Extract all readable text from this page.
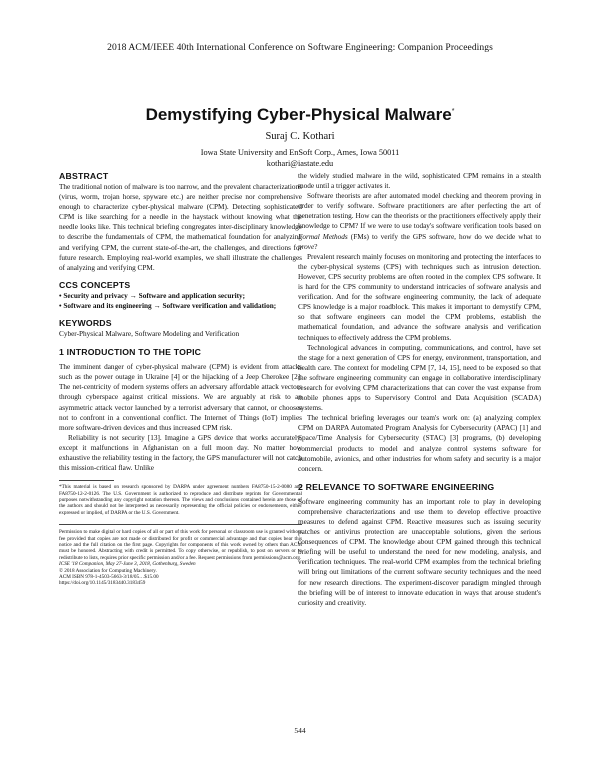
2018 ACM/IEEE 40th International Conference on Software Engineering: Companion Proceedings
Demystifying Cyber-Physical Malware*
Suraj C. Kothari
Iowa State University and EnSoft Corp., Ames, Iowa 50011
kothari@iastate.edu
ABSTRACT

The traditional notion of malware is too narrow, and the prevalent characterizations (virus, worm, trojan horse, spyware etc.) are neither precise nor comprehensive enough to characterize cyber-physical malware (CPM). Detecting sophisticated CPM is like searching for a needle in the haystack without knowing what the needle looks like. This technical briefing congregates inter-disciplinary knowledge to describe the fundamentals of CPM, the mathematical foundation for analyzing and verifying CPM, the current state-of-the-art, the challenges, and directions for future research. Employing real-world examples, we shall illustrate the challenges of analyzing and verifying CPM.

CCS CONCEPTS

• Security and privacy → Software and application security;

• Software and its engineering → Software verification and validation;

KEYWORDS

Cyber-Physical Malware, Software Modeling and Verification

1 INTRODUCTION TO THE TOPIC

The imminent danger of cyber-physical malware (CPM) is evident from attacks such as the power outage in Ukraine [4] or the hijacking of a Jeep Cherokee [2]. The net-centricity of modern systems offers an adversary affordable attack vectors through cyberspace against critical missions. We are arguably at risk to an asymmetric attack vector launched by a terrorist adversary that cannot, or chooses not to confront in a conventional conflict. The Internet of Things (IoT) implies more software-driven devices and thus increased CPM risk.

Reliability is not security [13]. Imagine a GPS device that works accurately, except it malfunctions in Afghanistan on a full moon day. No matter how exhaustive the reliability testing in the factory, the GPS manufacturer will not catch this mission-critical flaw. Unlike

*This material is based on research sponsored by DARPA under agreement numbers FA8750-15-2-0080 and FA8750-12-2-0126. The U.S. Government is authorized to reproduce and distribute reprints for Governmental purposes notwithstanding any copyright notation thereon. The views and conclusions contained herein are those of the authors and should not be interpreted as necessarily representing the official policies or endorsements, either expressed or implied, of DARPA or the U.S. Government.

Permission to make digital or hard copies of all or part of this work for personal or classroom use is granted without fee provided that copies are not made or distributed for profit or commercial advantage and that copies bear this notice and the full citation on the first page. Copyrights for components of this work owned by others than ACM must be honored. Abstracting with credit is permitted. To copy otherwise, or republish, to post on servers or to redistribute to lists, requires prior specific permission and/or a fee. Request permissions from permissions@acm.org.

ICSE '18 Companion, May 27-June 3, 2018, Gothenburg, Sweden

© 2018 Association for Computing Machinery.

ACM ISBN 978-1-4503-5663-3/18/05…$15.00

https://doi.org/10.1145/3183440.3183459

the widely studied malware in the wild, sophisticated CPM remains in a stealth mode until a trigger activates it.

Software theorists are after automated model checking and theorem proving in order to verify software. Software practitioners are after perfecting the art of penetration testing. How can the theorists or the practitioners effectively apply their knowledge to CPM? If we were to use today's software verification tools based on Formal Methods (FMs) to verify the GPS software, how do we decide what to prove?

Prevalent research mainly focuses on monitoring and protecting the interfaces to the cyber-physical systems (CPS) with techniques such as intrusion detection. However, CPS security problems are often rooted in the complex CPS software. It is hard for the CPS community to understand intricacies of software analysis and verification. And for the software engineering community, the lack of adequate CPS knowledge is a major roadblock. This makes it important to demystify CPM, so that software engineers can model the CPM problems, establish the mathematical foundation, and advance the software analysis and verification techniques to effectively address the CPM problems.

Technological advances in computing, communications, and control, have set the stage for a next generation of CPS for energy, environment, transportation, and health care. The context for modeling CPM [7, 14, 15], need to be exposed so that the software engineering community can engage in collaborative interdisciplinary research for evolving CPM characterizations that can cover the vast expanse from mobile phones apps to Supervisory Control and Data Acquisition (SCADA) systems.

The technical briefing leverages our team's work on: (a) analyzing complex CPM on DARPA Automated Program Analysis for Cybersecurity (APAC) [1] and Space/Time Analysis for Cybersecurity (STAC) [3] programs, (b) developing commercial products to model and analyze control systems software for automobile, avionics, and other industries for whom safety and security is a major concern.

2 RELEVANCE TO SOFTWARE ENGINEERING

Software engineering community has an important role to play in developing comprehensive characterizations and use them to develop effective proactive measures to defend against CPM. Reactive measures such as issuing security patches or antivirus protection are unacceptable solutions, given the serious consequences of CPM. The knowledge about CPM gained through this technical briefing will be useful to understand the need for new modeling, analysis, and verification techniques. The real-world CPM examples from the technical briefing will bring out limitations of the current software security techniques and the need for new research directions. The experiment-discover paradigm mingled through the briefing will be of interest to innovate education in ways that arouse student's curiosity and creativity.

544
